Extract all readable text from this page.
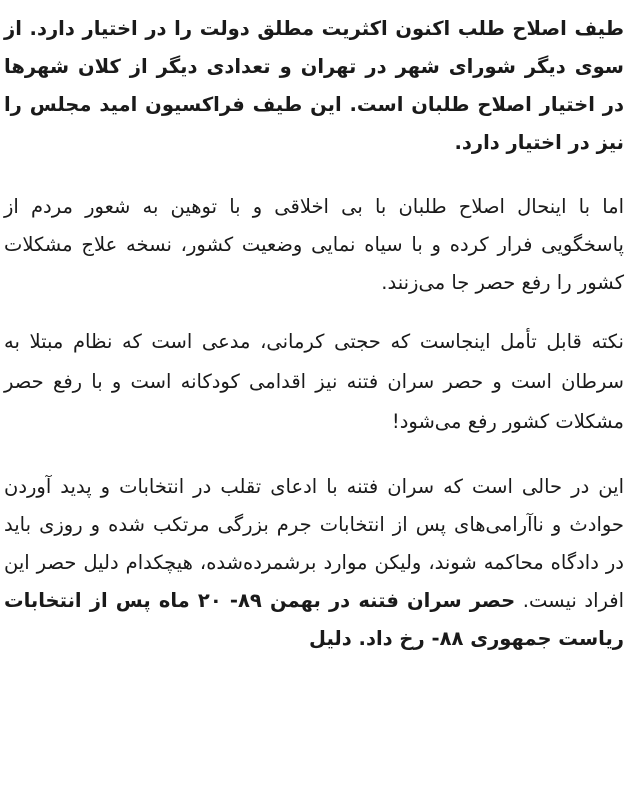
طیف اصلاح طلب اکنون اکثریت مطلق دولت را در اختیار دارد. از سوی دیگر شورای شهر در تهران و تعدادی دیگر از کلان شهرها در اختیار اصلاح طلبان است. این طیف فراکسیون امید مجلس را نیز در اختیار دارد.

اما با اینحال اصلاح طلبان با بی اخلاقی و با توهین به شعور مردم از پاسخگویی فرار کرده و با سیاه نمایی وضعیت کشور، نسخه علاج مشکلات کشور را رفع حصر جا می‌زنند.

نکته قابل تأمل اینجاست که حجتی کرمانی، مدعی است که نظام مبتلا به سرطان است و حصر سران فتنه نیز اقدامی کودکانه است و با رفع حصر مشکلات کشور رفع می‌شود!

این در حالی است که سران فتنه با ادعای تقلب در انتخابات و پدید آوردن حوادث و ناآرامی‌های پس از انتخابات جرم بزرگی مرتکب شده و روزی باید در دادگاه محاکمه شوند، ولیکن موارد برشمرده‌شده، هیچکدام دلیل حصر این افراد نیست. حصر سران فتنه در بهمن ۸۹- ۲۰ ماه پس از انتخابات ریاست جمهوری ۸۸- رخ داد. دلیل
